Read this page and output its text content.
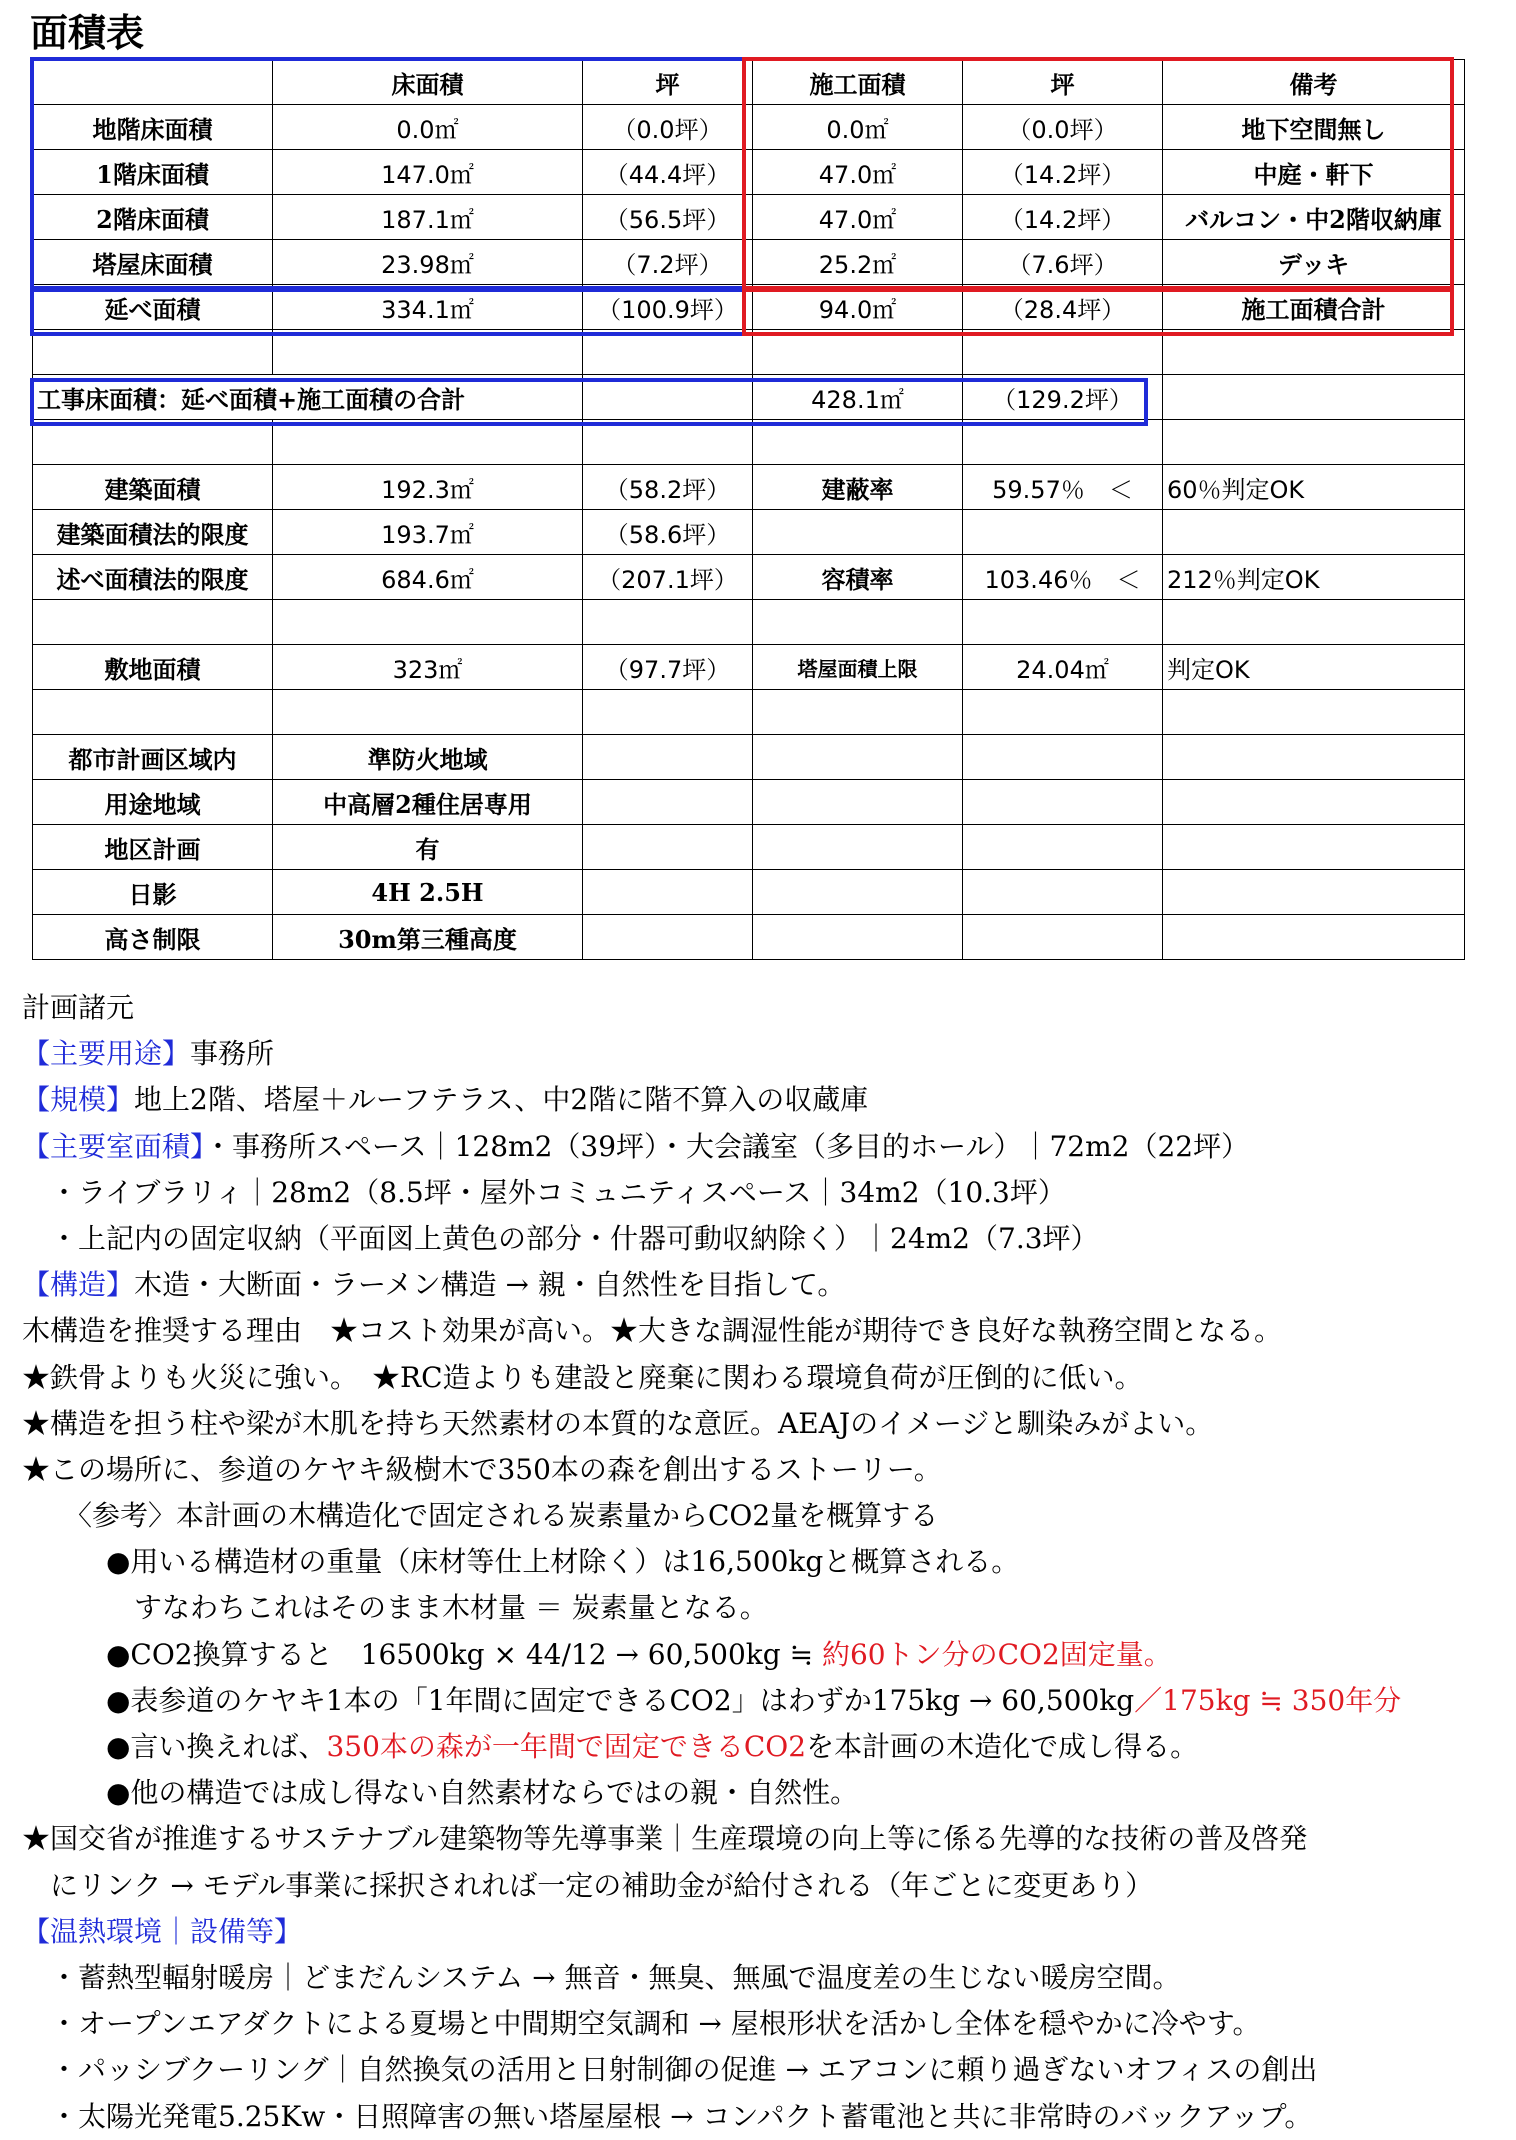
面積表
	床面積	坪	施工面積	坪	備考
地階床面積	0.0㎡	（0.0坪）	0.0㎡	（0.0坪）	地下空間無し
1階床面積	147.0㎡	（44.4坪）	47.0㎡	（14.2坪）	中庭・軒下
2階床面積	187.1㎡	（56.5坪）	47.0㎡	（14.2坪）	バルコン・中2階収納庫
塔屋床面積	23.98㎡	（7.2坪）	25.2㎡	（7.6坪）	デッキ
延べ面積	334.1㎡	（100.9坪）	94.0㎡	（28.4坪）	施工面積合計

工事床面積：延べ面積+施工面積の合計			428.1㎡	（129.2坪）	

建築面積	192.3㎡	（58.2坪）	建蔽率	59.57％　＜	60％判定OK
建築面積法的限度	193.7㎡	（58.6坪）			
述べ面積法的限度	684.6㎡	（207.1坪）	容積率	103.46％　＜	212％判定OK

敷地面積	323㎡	（97.7坪）	塔屋面積上限	24.04㎡	判定OK

都市計画区域内	準防火地域				
用途地域	中高層2種住居専用				
地区計画	有				
日影	4H 2.5H				
高さ制限	30m第三種高度				
計画諸元
【主要用途】事務所
【規模】地上2階、塔屋＋ルーフテラス、中2階に階不算入の収蔵庫
【主要室面積】・事務所スペース｜128m2（39坪）・大会議室（多目的ホール）｜72m2（22坪）
　・ライブラリィ｜28m2（8.5坪・屋外コミュニティスペース｜34m2（10.3坪）
　・上記内の固定収納（平面図上黄色の部分・什器可動収納除く）｜24m2（7.3坪）
【構造】木造・大断面・ラーメン構造 → 親・自然性を目指して。
木構造を推奨する理由　★コスト効果が高い。★大きな調湿性能が期待でき良好な執務空間となる。
★鉄骨よりも火災に強い。　★RC造よりも建設と廃棄に関わる環境負荷が圧倒的に低い。
★構造を担う柱や梁が木肌を持ち天然素材の本質的な意匠。AEAJのイメージと馴染みがよい。
★この場所に、参道のケヤキ級樹木で350本の森を創出するストーリー。
　　〈参考〉本計画の木構造化で固定される炭素量からCO2量を概算する
　　　●用いる構造材の重量（床材等仕上材除く）は16,500kgと概算される。
　　　　すなわちこれはそのまま木材量 ＝ 炭素量となる。
　　　●CO2換算すると　16500kg × 44/12 → 60,500kg ≒ 約60トン分のCO2固定量。
　　　●表参道のケヤキ1本の「1年間に固定できるCO2」はわずか175kg → 60,500kg／175kg ≒ 350年分
　　　●言い換えれば、350本の森が一年間で固定できるCO2を本計画の木造化で成し得る。
　　　●他の構造では成し得ない自然素材ならではの親・自然性。
★国交省が推進するサステナブル建築物等先導事業｜生産環境の向上等に係る先導的な技術の普及啓発
　にリンク → モデル事業に採択されれば一定の補助金が給付される（年ごとに変更あり）
【温熱環境｜設備等】
　・蓄熱型輻射暖房｜どまだんシステム → 無音・無臭、無風で温度差の生じない暖房空間。
　・オープンエアダクトによる夏場と中間期空気調和 → 屋根形状を活かし全体を穏やかに冷やす。
　・パッシブクーリング｜自然換気の活用と日射制御の促進 → エアコンに頼り過ぎないオフィスの創出
　・太陽光発電5.25Kw・日照障害の無い塔屋屋根 → コンパクト蓄電池と共に非常時のバックアップ。
